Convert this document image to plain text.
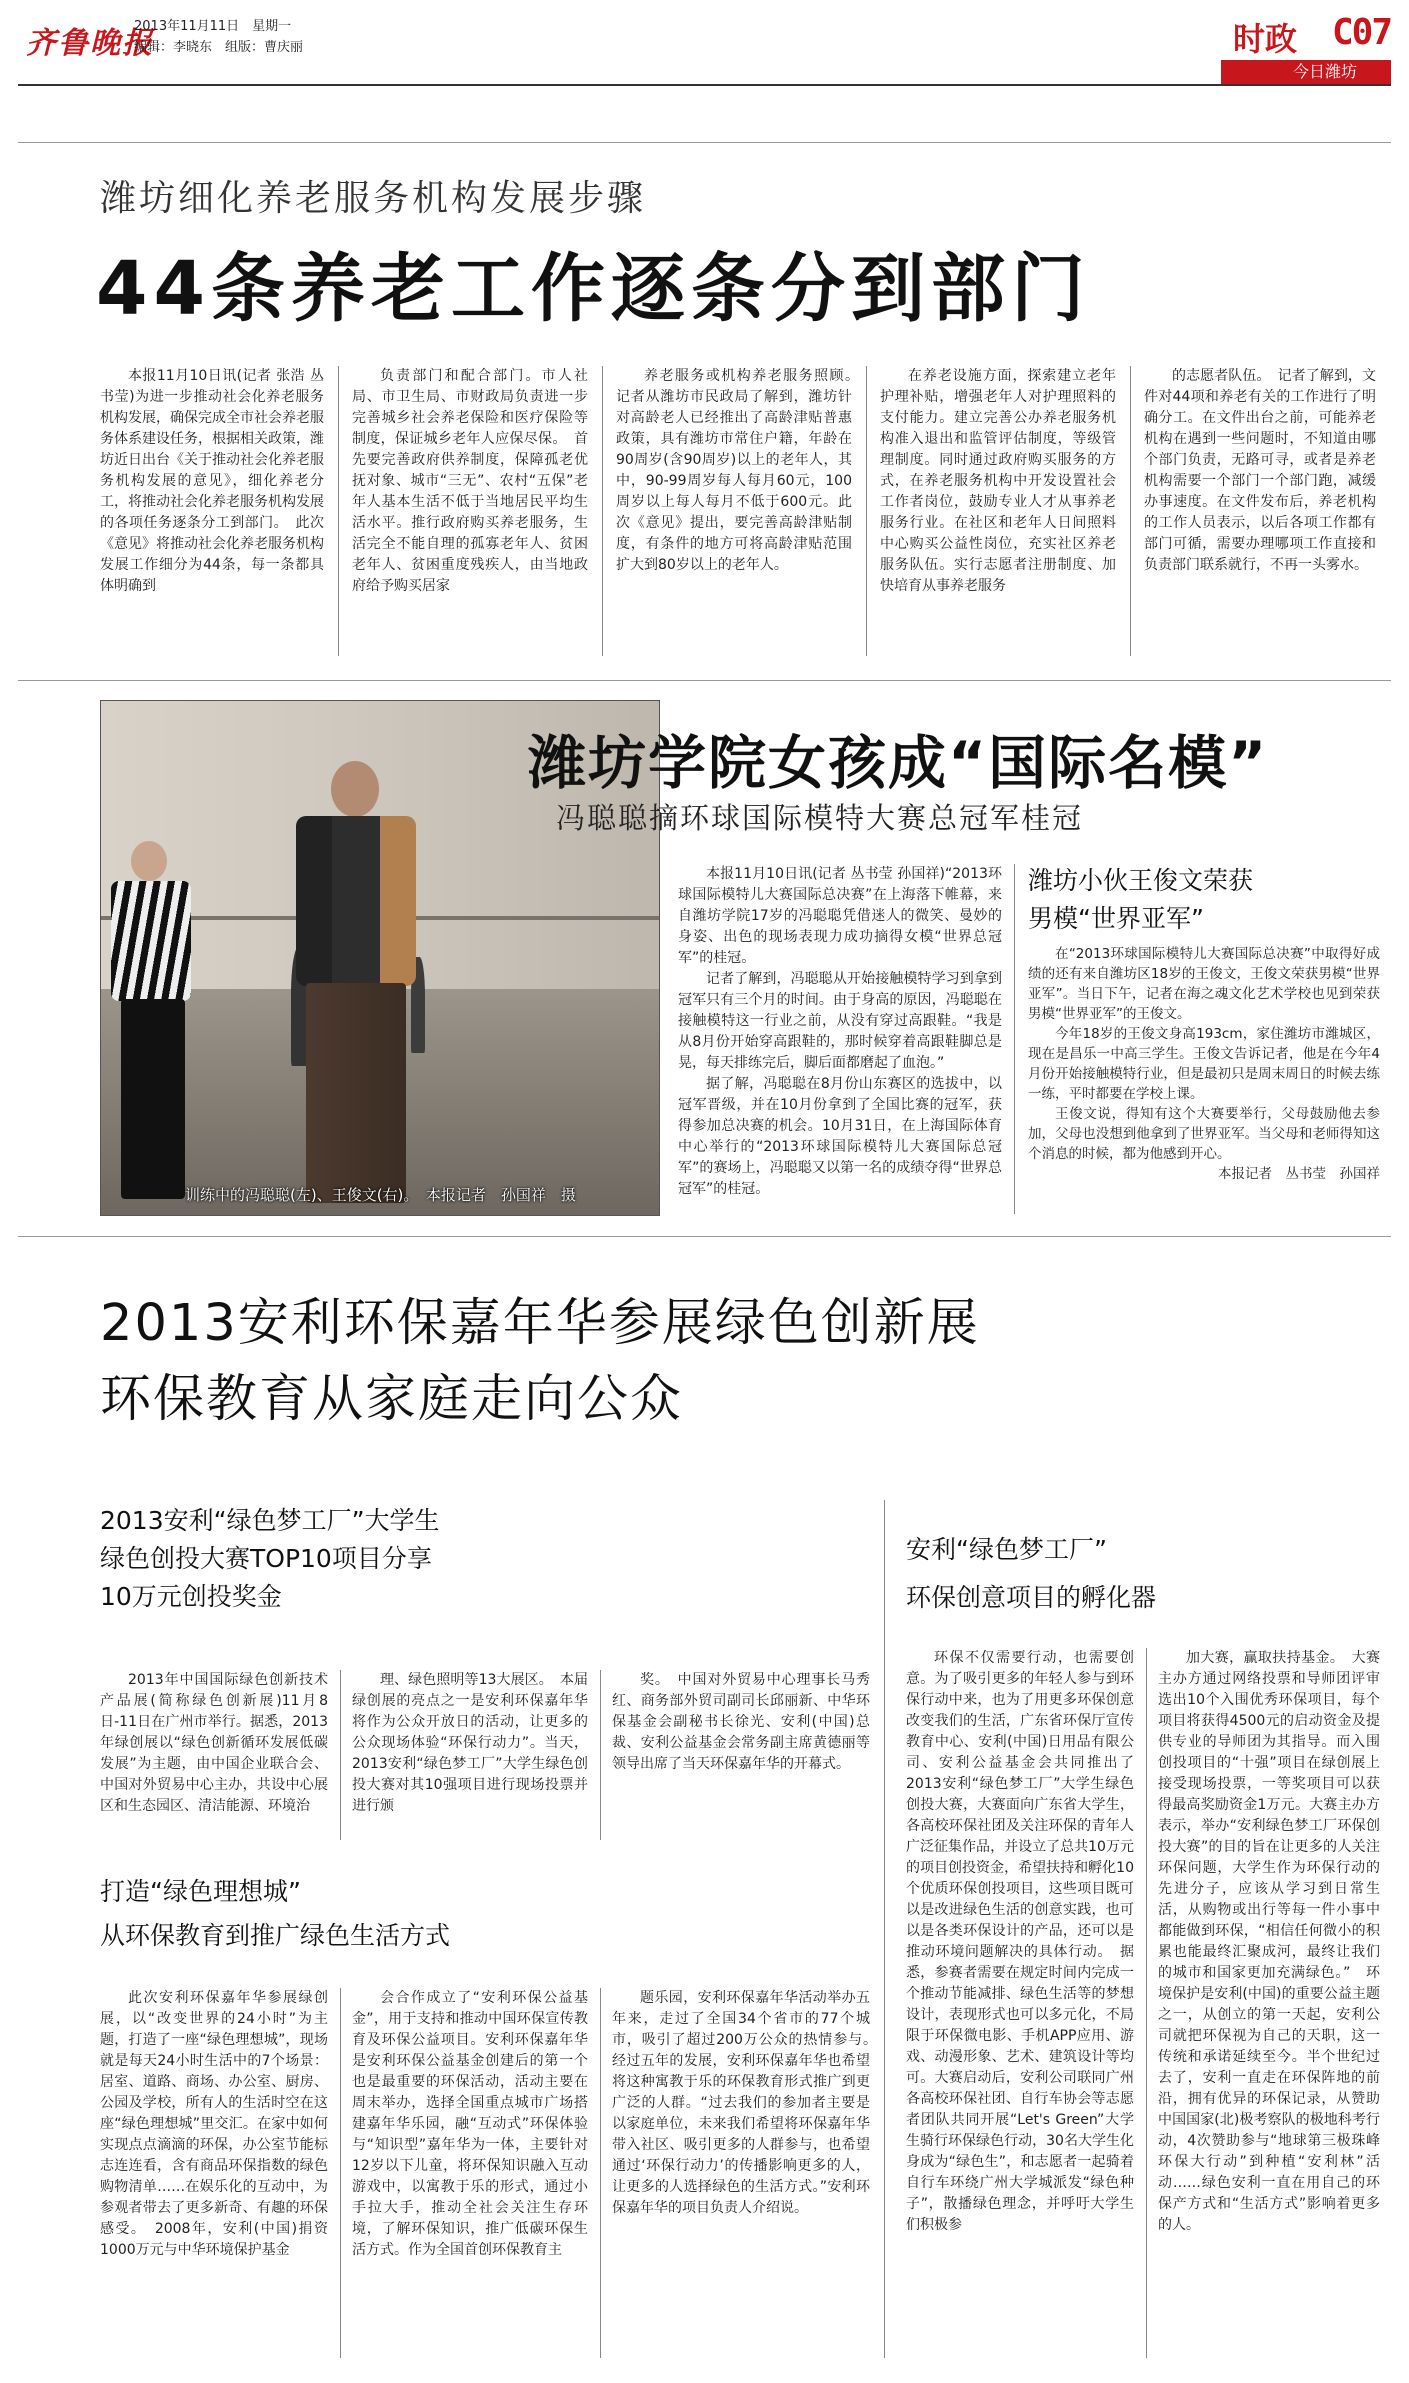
齐鲁晚报
2013年11月11日　星期一
编辑：李晓东　组版：曹庆丽	时政 C07
今日潍坊
潍坊细化养老服务机构发展步骤
44条养老工作逐条分到部门

本报11月10日讯(记者 张浩 丛书莹)为进一步推动社会化养老服务机构发展，确保完成全市社会养老服务体系建设任务，根据相关政策，潍坊近日出台《关于推动社会化养老服务机构发展的意见》，细化养老分工，将推动社会化养老服务机构发展的各项任务逐条分工到部门。　此次《意见》将推动社会化养老服务机构发展工作细分为44条，每一条都具体明确到

负责部门和配合部门。市人社局、市卫生局、市财政局负责进一步完善城乡社会养老保险和医疗保险等制度，保证城乡老年人应保尽保。　首先要完善政府供养制度，保障孤老优抚对象、城市“三无”、农村“五保”老年人基本生活不低于当地居民平均生活水平。推行政府购买养老服务，生活完全不能自理的孤寡老年人、贫困老年人、贫困重度残疾人，由当地政府给予购买居家

养老服务或机构养老服务照顾。　记者从潍坊市民政局了解到，潍坊针对高龄老人已经推出了高龄津贴普惠政策，具有潍坊市常住户籍，年龄在90周岁(含90周岁)以上的老年人，其中，90-99周岁每人每月60元，100周岁以上每人每月不低于600元。此次《意见》提出，要完善高龄津贴制度，有条件的地方可将高龄津贴范围扩大到80岁以上的老年人。

在养老设施方面，探索建立老年护理补贴，增强老年人对护理照料的支付能力。建立完善公办养老服务机构准入退出和监管评估制度，等级管理制度。同时通过政府购买服务的方式，在养老服务机构中开发设置社会工作者岗位，鼓励专业人才从事养老服务行业。在社区和老年人日间照料中心购买公益性岗位，充实社区养老服务队伍。实行志愿者注册制度、加快培育从事养老服务

的志愿者队伍。　记者了解到，文件对44项和养老有关的工作进行了明确分工。在文件出台之前，可能养老机构在遇到一些问题时，不知道由哪个部门负责，无路可寻，或者是养老机构需要一个部门一个部门跑，减缓办事速度。在文件发布后，养老机构的工作人员表示，以后各项工作都有部门可循，需要办理哪项工作直接和负责部门联系就行，不再一头雾水。

训练中的冯聪聪(左)、王俊文(右)。　本报记者　孙国祥　摄
潍坊学院女孩成“国际名模”
冯聪聪摘环球国际模特大赛总冠军桂冠

本报11月10日讯(记者 丛书莹 孙国祥)“2013环球国际模特儿大赛国际总决赛”在上海落下帷幕，来自潍坊学院17岁的冯聪聪凭借迷人的微笑、曼妙的身姿、出色的现场表现力成功摘得女模“世界总冠军”的桂冠。

记者了解到，冯聪聪从开始接触模特学习到拿到冠军只有三个月的时间。由于身高的原因，冯聪聪在接触模特这一行业之前，从没有穿过高跟鞋。“我是从8月份开始穿高跟鞋的，那时候穿着高跟鞋脚总是晃，每天排练完后，脚后面都磨起了血泡。”

据了解，冯聪聪在8月份山东赛区的选拔中，以冠军晋级，并在10月份拿到了全国比赛的冠军，获得参加总决赛的机会。10月31日，在上海国际体育中心举行的“2013环球国际模特儿大赛国际总冠军”的赛场上，冯聪聪又以第一名的成绩夺得“世界总冠军”的桂冠。

潍坊小伙王俊文荣获
男模“世界亚军”

在“2013环球国际模特儿大赛国际总决赛”中取得好成绩的还有来自潍坊区18岁的王俊文，王俊文荣获男模“世界亚军”。当日下午，记者在海之魂文化艺术学校也见到荣获男模“世界亚军”的王俊文。

今年18岁的王俊文身高193cm，家住潍坊市潍城区，现在是昌乐一中高三学生。王俊文告诉记者，他是在今年4月份开始接触模特行业，但是最初只是周末周日的时候去练一练，平时都要在学校上课。

王俊文说，得知有这个大赛要举行，父母鼓励他去参加，父母也没想到他拿到了世界亚军。当父母和老师得知这个消息的时候，都为他感到开心。

本报记者　丛书莹　孙国祥
2013安利环保嘉年华参展绿色创新展
环保教育从家庭走向公众
2013安利“绿色梦工厂”大学生
绿色创投大赛TOP10项目分享
10万元创投奖金

2013年中国国际绿色创新技术产品展(简称绿色创新展)11月8日-11日在广州市举行。据悉，2013年绿创展以“绿色创新循环发展低碳发展”为主题，由中国企业联合会、中国对外贸易中心主办，共设中心展区和生态园区、清洁能源、环境治

理、绿色照明等13大展区。　本届绿创展的亮点之一是安利环保嘉年华将作为公众开放日的活动，让更多的公众现场体验“环保行动力”。当天，2013安利“绿色梦工厂”大学生绿色创投大赛对其10强项目进行现场投票并进行颁

奖。　中国对外贸易中心理事长马秀红、商务部外贸司副司长邱丽新、中华环保基金会副秘书长徐光、安利(中国)总裁、安利公益基金会常务副主席黄德丽等领导出席了当天环保嘉年华的开幕式。

打造“绿色理想城”
从环保教育到推广绿色生活方式

此次安利环保嘉年华参展绿创展，以“改变世界的24小时”为主题，打造了一座“绿色理想城”，现场就是每天24小时生活中的7个场景：居室、道路、商场、办公室、厨房、公园及学校，所有人的生活时空在这座“绿色理想城”里交汇。在家中如何实现点点滴滴的环保，办公室节能标志连连看，含有商品环保指数的绿色购物清单……在娱乐化的互动中，为参观者带去了更多新奇、有趣的环保感受。　2008年，安利(中国)捐资1000万元与中华环境保护基金

会合作成立了“安利环保公益基金”，用于支持和推动中国环保宣传教育及环保公益项目。安利环保嘉年华是安利环保公益基金创建后的第一个也是最重要的环保活动，活动主要在周末举办，选择全国重点城市广场搭建嘉年华乐园，融“互动式”环保体验与“知识型”嘉年华为一体，主要针对12岁以下儿童，将环保知识融入互动游戏中，以寓教于乐的形式，通过小手拉大手，推动全社会关注生存环境，了解环保知识，推广低碳环保生活方式。作为全国首创环保教育主

题乐园，安利环保嘉年华活动举办五年来，走过了全国34个省市的77个城市，吸引了超过200万公众的热情参与。　经过五年的发展，安利环保嘉年华也希望将这种寓教于乐的环保教育形式推广到更广泛的人群。“过去我们的参加者主要是以家庭单位，未来我们希望将环保嘉年华带入社区、吸引更多的人群参与，也希望通过‘环保行动力’的传播影响更多的人，让更多的人选择绿色的生活方式。”安利环保嘉年华的项目负责人介绍说。

安利“绿色梦工厂”
环保创意项目的孵化器

环保不仅需要行动，也需要创意。为了吸引更多的年轻人参与到环保行动中来，也为了用更多环保创意改变我们的生活，广东省环保厅宣传教育中心、安利(中国)日用品有限公司、安利公益基金会共同推出了2013安利“绿色梦工厂”大学生绿色创投大赛，大赛面向广东省大学生，各高校环保社团及关注环保的青年人广泛征集作品，并设立了总共10万元的项目创投资金，希望扶持和孵化10个优质环保创投项目，这些项目既可以是改进绿色生活的创意实践，也可以是各类环保设计的产品，还可以是推动环境问题解决的具体行动。　据悉，参赛者需要在规定时间内完成一个推动节能减排、绿色生活等的梦想设计，表现形式也可以多元化，不局限于环保微电影、手机APP应用、游戏、动漫形象、艺术、建筑设计等均可。大赛启动后，安利公司联同广州各高校环保社团、自行车协会等志愿者团队共同开展“Let's Green”大学生骑行环保绿色行动，30名大学生化身成为“绿色生”，和志愿者一起骑着自行车环绕广州大学城派发“绿色种子”，散播绿色理念，并呼吁大学生们积极参

加大赛，赢取扶持基金。　大赛主办方通过网络投票和导师团评审选出10个入围优秀环保项目，每个项目将获得4500元的启动资金及提供专业的导师团为其指导。而入围创投项目的“十强”项目在绿创展上接受现场投票，一等奖项目可以获得最高奖励资金1万元。大赛主办方表示，举办“安利绿色梦工厂环保创投大赛”的目的旨在让更多的人关注环保问题，大学生作为环保行动的先进分子，应该从学习到日常生活，从购物或出行等每一件小事中都能做到环保，“相信任何微小的积累也能最终汇聚成河，最终让我们的城市和国家更加充满绿色。”　环境保护是安利(中国)的重要公益主题之一，从创立的第一天起，安利公司就把环保视为自己的天职，这一传统和承诺延续至今。半个世纪过去了，安利一直走在环保阵地的前沿，拥有优异的环保记录，从赞助中国国家(北)极考察队的极地科考行动，4次赞助参与“地球第三极珠峰环保大行动”到种植“安利林”活动……绿色安利一直在用自己的环保产方式和“生活方式”影响着更多的人。
